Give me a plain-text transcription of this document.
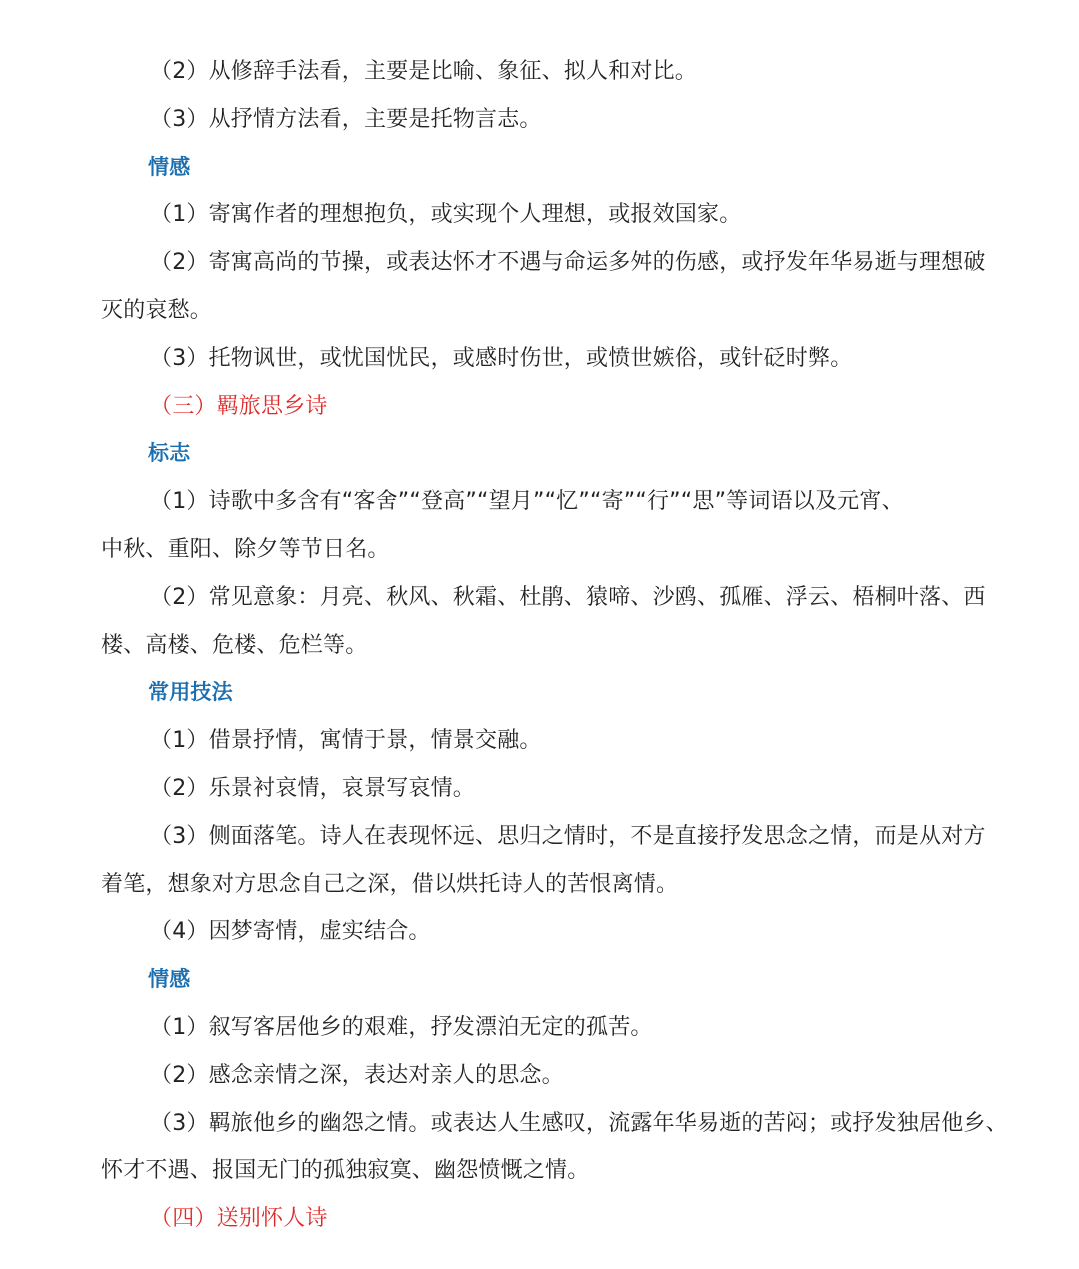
（2）从修辞手法看，主要是比喻、象征、拟人和对比。
（3）从抒情方法看，主要是托物言志。
情感
（1）寄寓作者的理想抱负，或实现个人理想，或报效国家。
（2）寄寓高尚的节操，或表达怀才不遇与命运多舛的伤感，或抒发年华易逝与理想破
灭的哀愁。
（3）托物讽世，或忧国忧民，或感时伤世，或愤世嫉俗，或针砭时弊。
（三）羁旅思乡诗
标志
（1）诗歌中多含有“客舍”“登高”“望月”“忆”“寄”“行”“思”等词语以及元宵、
中秋、重阳、除夕等节日名。
（2）常见意象：月亮、秋风、秋霜、杜鹃、猿啼、沙鸥、孤雁、浮云、梧桐叶落、西
楼、高楼、危楼、危栏等。
常用技法
（1）借景抒情，寓情于景，情景交融。
（2）乐景衬哀情，哀景写哀情。
（3）侧面落笔。诗人在表现怀远、思归之情时，不是直接抒发思念之情，而是从对方
着笔，想象对方思念自己之深，借以烘托诗人的苦恨离情。
（4）因梦寄情，虚实结合。
情感
（1）叙写客居他乡的艰难，抒发漂泊无定的孤苦。
（2）感念亲情之深，表达对亲人的思念。
（3）羁旅他乡的幽怨之情。或表达人生感叹，流露年华易逝的苦闷；或抒发独居他乡、
怀才不遇、报国无门的孤独寂寞、幽怨愤慨之情。
（四）送别怀人诗
